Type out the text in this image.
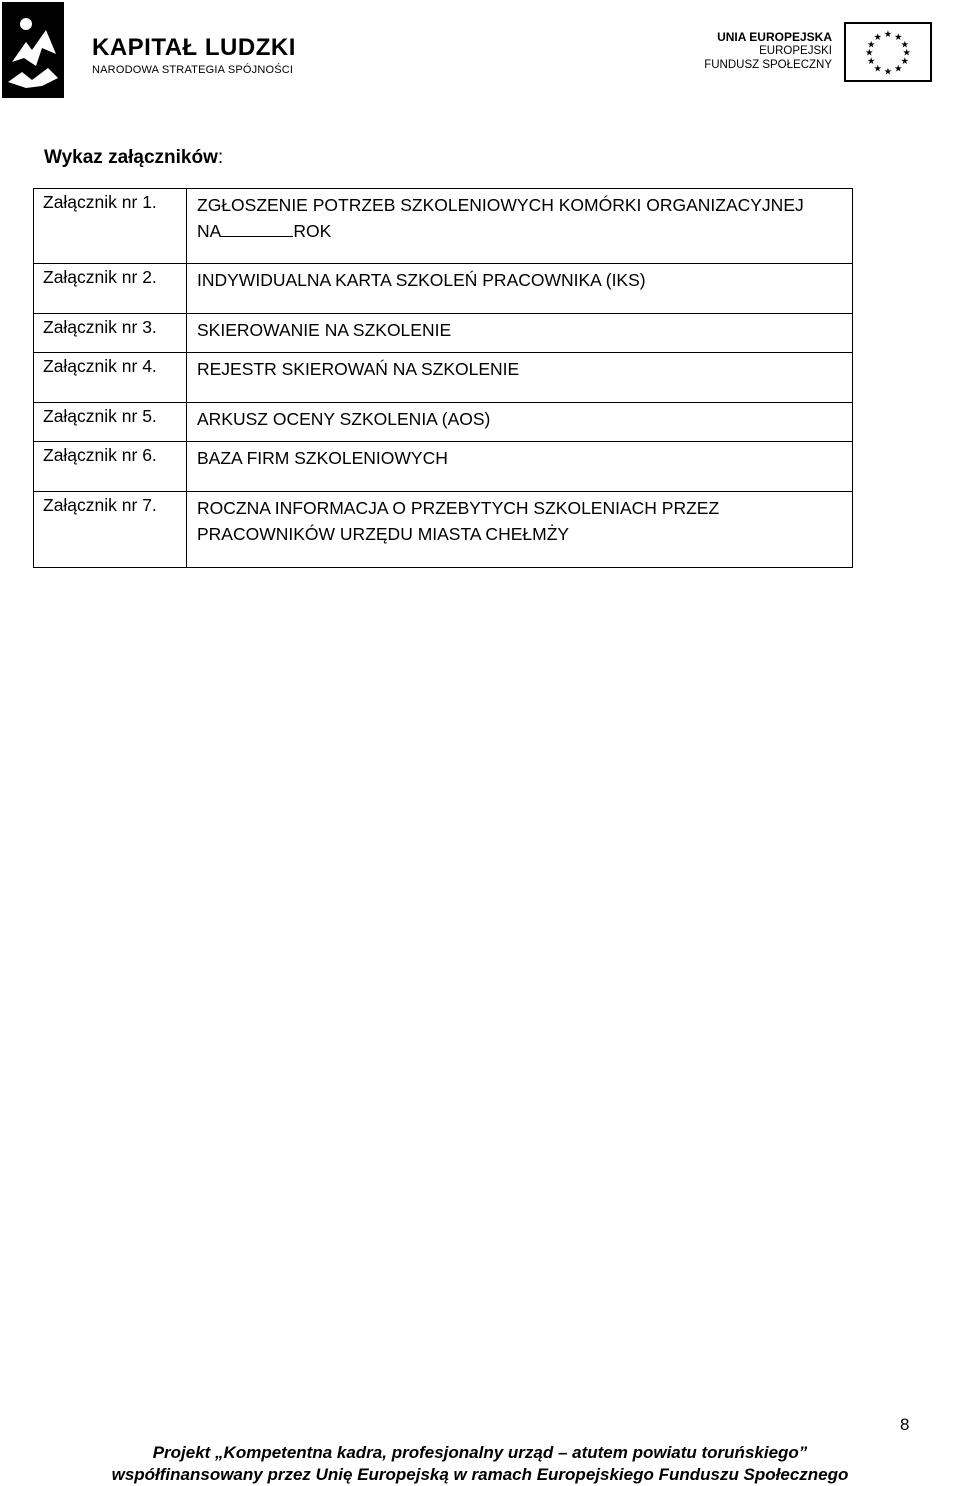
KAPITAŁ LUDZKI
NARODOWA STRATEGIA SPÓJNOŚCI
UNIA EUROPEJSKA
EUROPEJSKI
FUNDUSZ SPOŁECZNY
★ ★
★
★
★
★
★
★
★
★
★
★
Wykaz załączników:
Załącznik nr 1. ZGŁOSZENIE POTRZEB SZKOLENIOWYCH KOMÓRKI ORGANIZACYJNEJ
NA	ROK
Załącznik nr 2. INDYWIDUALNA KARTA SZKOLEŃ PRACOWNIKA (IKS)
Załącznik nr 3. SKIEROWANIE NA SZKOLENIE
Załącznik nr 4. REJESTR SKIEROWAŃ NA SZKOLENIE
Załącznik nr 5. ARKUSZ OCENY SZKOLENIA (AOS)
Załącznik nr 6. BAZA FIRM SZKOLENIOWYCH
Załącznik nr 7. ROCZNA INFORMACJA O PRZEBYTYCH SZKOLENIACH PRZEZ
PRACOWNIKÓW URZĘDU MIASTA CHEŁMŻY
8
Projekt „Kompetentna kadra, profesjonalny urząd – atutem powiatu toruńskiego”
współfinansowany przez Unię Europejską w ramach Europejskiego Funduszu Społecznego
